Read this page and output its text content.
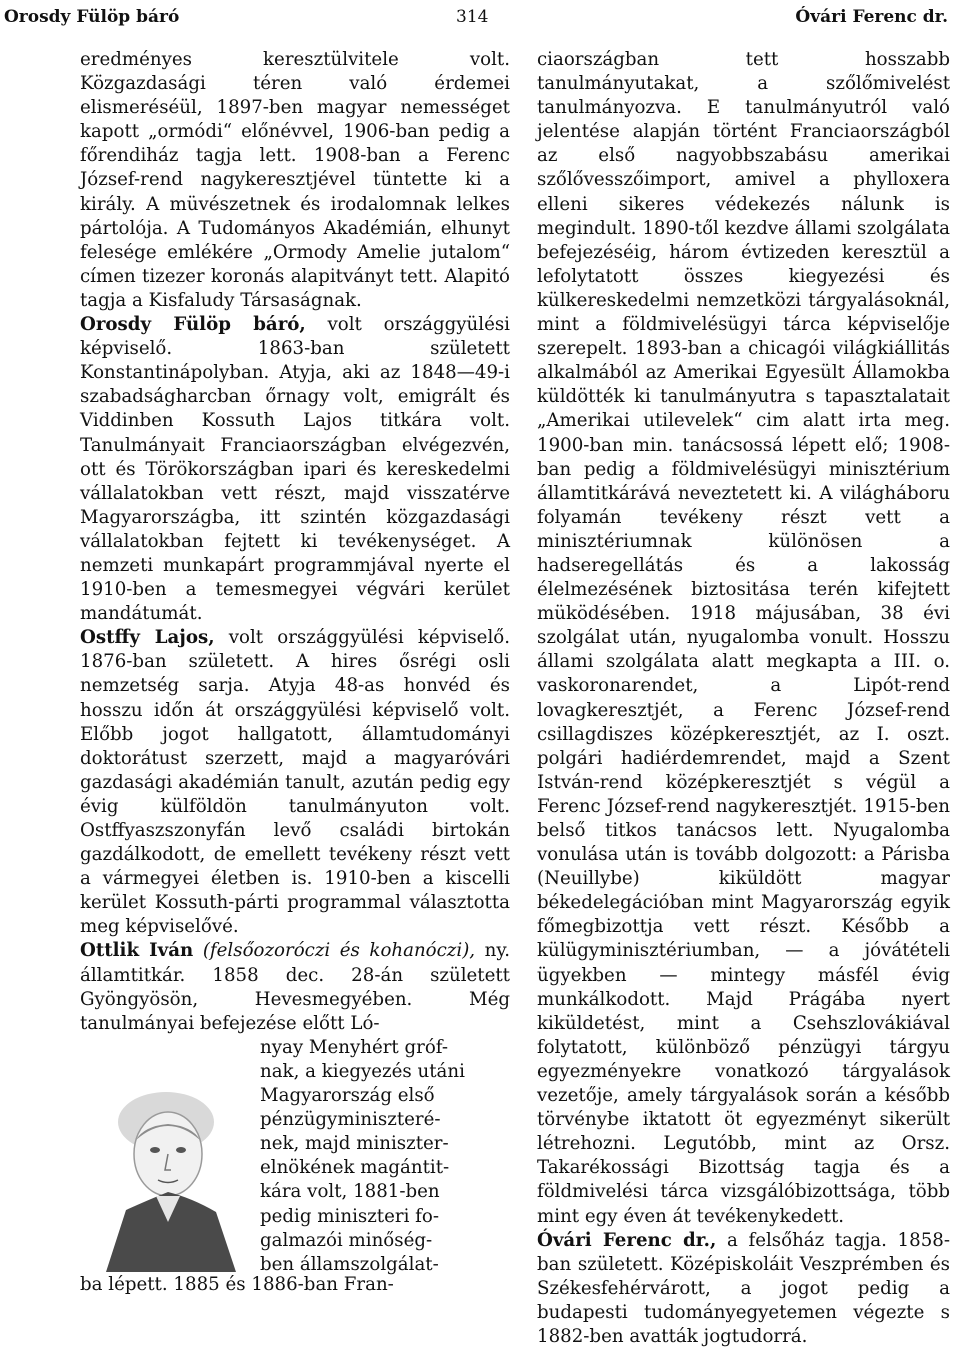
Orosdy Fülöp báró	314	Óvári Ferenc dr.

eredményes keresztülvitele volt. Közgazdasági téren való érdemei elismeréséül, 1897-ben magyar nemességet kapott „ormódi“ előnévvel, 1906-ban pedig a főrendiház tagja lett. 1908-ban a Ferenc József-rend nagykeresztjével tüntette ki a király. A müvészetnek és irodalomnak lelkes pártolója. A Tudományos Akadémián, elhunyt felesége emlékére „Ormody Amelie jutalom“ címen tizezer koronás alapitványt tett. Alapitó tagja a Kisfaludy Társaságnak.

Orosdy Fülöp báró, volt országgyülési képviselő. 1863-ban született Konstantinápolyban. Atyja, aki az 1848—49-i szabadságharcban őrnagy volt, emigrált és Viddinben Kossuth Lajos titkára volt. Tanulmányait Franciaországban elvégezvén, ott és Törökországban ipari és kereskedelmi vállalatokban vett részt, majd visszatérve Magyarországba, itt szintén közgazdasági vállalatokban fejtett ki tevékenységet. A nemzeti munkapárt programmjával nyerte el 1910-ben a temesmegyei végvári kerület mandátumát.

Ostffy Lajos, volt országgyülési képviselő. 1876-ban született. A hires ősrégi osli nemzetség sarja. Atyja 48-as honvéd és hosszu időn át országgyülési képviselő volt. Előbb jogot hallgatott, államtudományi doktorátust szerzett, majd a magyaróvári gazdasági akadémián tanult, azután pedig egy évig külföldön tanulmányuton volt. Ostffyaszszonyfán levő családi birtokán gazdálkodott, de emellett tevékeny részt vett a vármegyei életben is. 1910-ben a kiscelli kerület Kossuth-párti programmal választotta meg képviselővé.

Ottlik Iván (felsőozoróczi és kohanóczi), ny. államtitkár. 1858 dec. 28-án született Gyöngyösön, Hevesmegyében. Még tanulmányai befejezése előtt Ló-

nyay Menyhért gróf-
nak, a kiegyezés utáni
Magyarország első
pénzügyminiszteré-
nek, majd miniszter-
elnökének magántit-
kára volt, 1881-ben
pedig miniszteri fo-
galmazói minőség-
ben államszolgálat-
ba lépett. 1885 és 1886-ban Fran-

ciaországban tett hosszabb tanulmányutakat, a szőlőmivelést tanulmányozva. E tanulmányutról való jelentése alapján történt Franciaországból az első nagyobbszabásu amerikai szőlővesszőimport, amivel a phylloxera elleni sikeres védekezés nálunk is megindult. 1890-től kezdve állami szolgálata befejezéséig, három évtizeden keresztül a lefolytatott összes kiegyezési és külkereskedelmi nemzetközi tárgyalásoknál, mint a földmivelésügyi tárca képviselője szerepelt. 1893-ban a chicagói világkiállitás alkalmából az Amerikai Egyesült Államokba küldötték ki tanulmányutra s tapasztalatait „Amerikai utilevelek“ cim alatt irta meg. 1900-ban min. tanácsossá lépett elő; 1908-ban pedig a földmivelésügyi minisztérium államtitkárává neveztetett ki. A világháboru folyamán tevékeny részt vett a minisztériumnak különösen a hadseregellátás és a lakosság élelmezésének biztositása terén kifejtett müködésében. 1918 májusában, 38 évi szolgálat után, nyugalomba vonult. Hosszu állami szolgálata alatt megkapta a III. o. vaskoronarendet, a Lipót-rend lovagkeresztjét, a Ferenc József-rend csillagdiszes középkeresztjét, az I. oszt. polgári hadiérdemrendet, majd a Szent István-rend középkeresztjét s végül a Ferenc József-rend nagykeresztjét. 1915-ben belső titkos tanácsos lett. Nyugalomba vonulása után is tovább dolgozott: a Párisba (Neuillybe) kiküldött magyar békedelegációban mint Magyarország egyik főmegbizottja vett részt. Később a külügyminisztériumban, — a jóvátételi ügyekben — mintegy másfél évig munkálkodott. Majd Prágába nyert kiküldetést, mint a Csehszlovákiával folytatott, különböző pénzügyi tárgyu egyezményekre vonatkozó tárgyalások vezetője, amely tárgyalások során a később törvénybe iktatott öt egyezményt sikerült létrehozni. Legutóbb, mint az Orsz. Takarékossági Bizottság tagja és a földmivelési tárca vizsgálóbizottsága, több mint egy éven át tevékenykedett.

Óvári Ferenc dr., a felsőház tagja. 1858-ban született. Középiskoláit Veszprémben és Székesfehérvárott, a jogot pedig a budapesti tudományegyetemen végezte s 1882-ben avatták jogtudorrá.
